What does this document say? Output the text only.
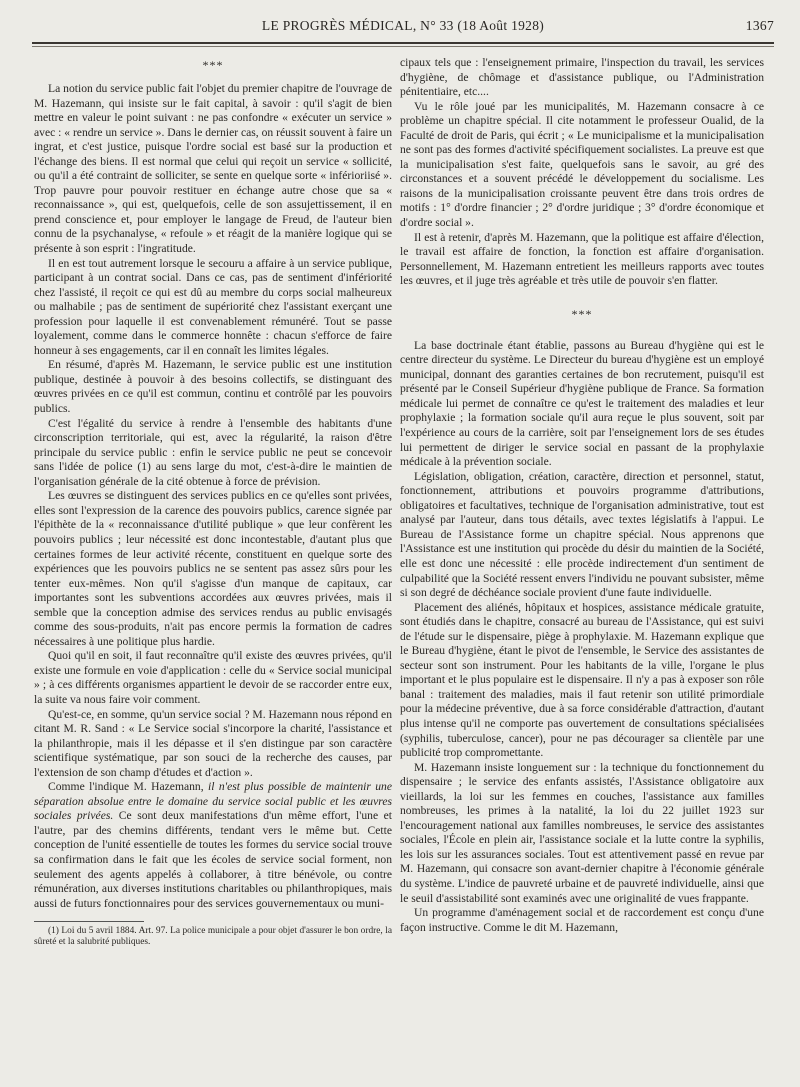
LE PROGRÈS MÉDICAL, N° 33 (18 Août 1928)	1367
***

La notion du service public fait l'objet du premier chapitre de l'ouvrage de M. Hazemann, qui insiste sur le fait capital, à savoir : qu'il s'agit de bien mettre en valeur le point suivant : ne pas confondre « exécuter un service » avec : « rendre un service ». Dans le dernier cas, on réussit souvent à faire un ingrat, et c'est justice, puisque l'ordre social est basé sur la production et l'échange des biens. Il est normal que celui qui reçoit un service « sollicité, ou qu'il a été contraint de solliciter, se sente en quelque sorte « inférioriisé ». Trop pauvre pour pouvoir restituer en échange autre chose que sa « reconnaissance », qui est, quelquefois, celle de son assujettissement, il en prend conscience et, pour employer le langage de Freud, de l'auteur bien connu de la psychanalyse, « refoule » et réagit de la manière logique qui se présente à son esprit : l'ingratitude.

Il en est tout autrement lorsque le secouru a affaire à un service publique, participant à un contrat social. Dans ce cas, pas de sentiment d'infériorité chez l'assisté, il reçoit ce qui est dû au membre du corps social malheureux ou malhabile ; pas de sentiment de supériorité chez l'assistant exerçant une profession pour laquelle il est convenablement rémunéré. Tout se passe loyalement, comme dans le commerce honnête : chacun s'efforce de faire honneur à ses engagements, car il en connaît les limites légales.

En résumé, d'après M. Hazemann, le service public est une institution publique, destinée à pouvoir à des besoins collectifs, se distinguant des œuvres privées en ce qu'il est commun, continu et contrôlé par les pouvoirs publics.

C'est l'égalité du service à rendre à l'ensemble des habitants d'une circonscription territoriale, qui est, avec la régularité, la raison d'être principale du service public : enfin le service public ne peut se concevoir sans l'idée de police (1) au sens large du mot, c'est-à-dire le maintien de l'organisation générale de la cité obtenue à force de prévision.

Les œuvres se distinguent des services publics en ce qu'elles sont privées, elles sont l'expression de la carence des pouvoirs publics, carence signée par l'épithète de la « reconnaissance d'utilité publique » que leur confèrent les pouvoirs publics ; leur nécessité est donc incontestable, d'autant plus que certaines formes de leur activité récente, constituent en quelque sorte des expériences que les pouvoirs publics ne se sentent pas assez sûrs pour les tenter eux-mêmes. Non qu'il s'agisse d'un manque de capitaux, car importantes sont les subventions accordées aux œuvres privées, mais il semble que la conception admise des services rendus au public envisagés comme des sous-produits, n'ait pas encore permis la formation de cadres nécessaires à une politique plus hardie.

Quoi qu'il en soit, il faut reconnaître qu'il existe des œuvres privées, qu'il existe une formule en voie d'application : celle du « Service social municipal » ; à ces différents organismes appartient le devoir de se raccorder entre eux, la suite va nous faire voir comment.

Qu'est-ce, en somme, qu'un service social ? M. Hazemann nous répond en citant M. R. Sand : « Le Service social s'incorpore la charité, l'assistance et la philanthropie, mais il les dépasse et il s'en distingue par son caractère scientifique systématique, par son souci de la recherche des causes, par l'extension de son champ d'études et d'action ».

Comme l'indique M. Hazemann, il n'est plus possible de maintenir une séparation absolue entre le domaine du service social public et les œuvres sociales privées. Ce sont deux manifestations d'un même effort, l'une et l'autre, par des chemins différents, tendant vers le même but. Cette conception de l'unité essentielle de toutes les formes du service social trouve sa confirmation dans le fait que les écoles de service social forment, non seulement des agents appelés à collaborer, à titre bénévole, ou contre rémunération, aux diverses institutions charitables ou philanthropiques, mais aussi de futurs fonctionnaires pour des services gouvernementaux ou muni-

(1) Loi du 5 avril 1884. Art. 97. La police municipale a pour objet d'assurer le bon ordre, la sûreté et la salubrité publiques.

cipaux tels que : l'enseignement primaire, l'inspection du travail, les services d'hygiène, de chômage et d'assistance publique, ou l'Administration pénitentiaire, etc....

Vu le rôle joué par les municipalités, M. Hazemann consacre à ce problème un chapitre spécial. Il cite notamment le professeur Oualid, de la Faculté de droit de Paris, qui écrit ; « Le municipalisme et la municipalisation ne sont pas des formes d'activité spécifiquement socialistes. La preuve est que la municipalisation s'est faite, quelquefois sans le savoir, au gré des circonstances et a souvent précédé le développement du socialisme. Les raisons de la municipalisation croissante peuvent être dans trois ordres de motifs : 1° d'ordre financier ; 2° d'ordre juridique ; 3° d'ordre économique et d'ordre social ».

Il est à retenir, d'après M. Hazemann, que la politique est affaire d'élection, le travail est affaire de fonction, la fonction est affaire d'organisation. Personnellement, M. Hazemann entretient les meilleurs rapports avec toutes les œuvres, et il juge très agréable et très utile de pouvoir s'en flatter.

***

La base doctrinale étant établie, passons au Bureau d'hygiène qui est le centre directeur du système. Le Directeur du bureau d'hygiène est un employé municipal, donnant des garanties certaines de bon recrutement, puisqu'il est présenté par le Conseil Supérieur d'hygiène publique de France. Sa formation médicale lui permet de connaître ce qu'est le traitement des maladies et leur prophylaxie ; la formation sociale qu'il aura reçue le plus souvent, soit par l'expérience au cours de la carrière, soit par l'enseignement lors de ses études lui permettent de diriger le service social en passant de la prophylaxie médicale à la prévention sociale.

Législation, obligation, création, caractère, direction et personnel, statut, fonctionnement, attributions et pouvoirs programme d'attributions, obligatoires et facultatives, technique de l'organisation administrative, tout est analysé par l'auteur, dans tous détails, avec textes législatifs à l'appui. Le Bureau de l'Assistance forme un chapitre spécial. Nous apprenons que l'Assistance est une institution qui procède du désir du maintien de la Société, elle est donc une nécessité : elle procède indirectement d'un sentiment de culpabilité que la Société ressent envers l'individu ne pouvant subsister, même si son degré de déchéance sociale provient d'une faute individuelle.

Placement des aliénés, hôpitaux et hospices, assistance médicale gratuite, sont étudiés dans le chapitre, consacré au bureau de l'Assistance, qui est suivi de l'étude sur le dispensaire, piège à prophylaxie. M. Hazemann explique que le Bureau d'hygiène, étant le pivot de l'ensemble, le Service des assistantes de secteur sont son instrument. Pour les habitants de la ville, l'organe le plus important et le plus populaire est le dispensaire. Il n'y a pas à exposer son rôle banal : traitement des maladies, mais il faut retenir son utilité primordiale pour la médecine préventive, due à sa force considérable d'attraction, d'autant plus intense qu'il ne comporte pas ouvertement de consultations spécialisées (syphilis, tuberculose, cancer), pour ne pas décourager sa clientèle par une publicité trop compromettante.

M. Hazemann insiste longuement sur : la technique du fonctionnement du dispensaire ; le service des enfants assistés, l'Assistance obligatoire aux vieillards, la loi sur les femmes en couches, l'assistance aux familles nombreuses, les primes à la natalité, la loi du 22 juillet 1923 sur l'encouragement national aux familles nombreuses, le service des assistantes sociales, l'École en plein air, l'assistance sociale et la lutte contre la syphilis, les lois sur les assurances sociales. Tout est attentivement passé en revue par M. Hazemann, qui consacre son avant-dernier chapitre à l'économie générale du système. L'indice de pauvreté urbaine et de pauvreté individuelle, ainsi que le seuil d'assistabilité sont examinés avec une originalité de vues frappante.

Un programme d'aménagement social et de raccordement est conçu d'une façon instructive. Comme le dit M. Hazemann,
